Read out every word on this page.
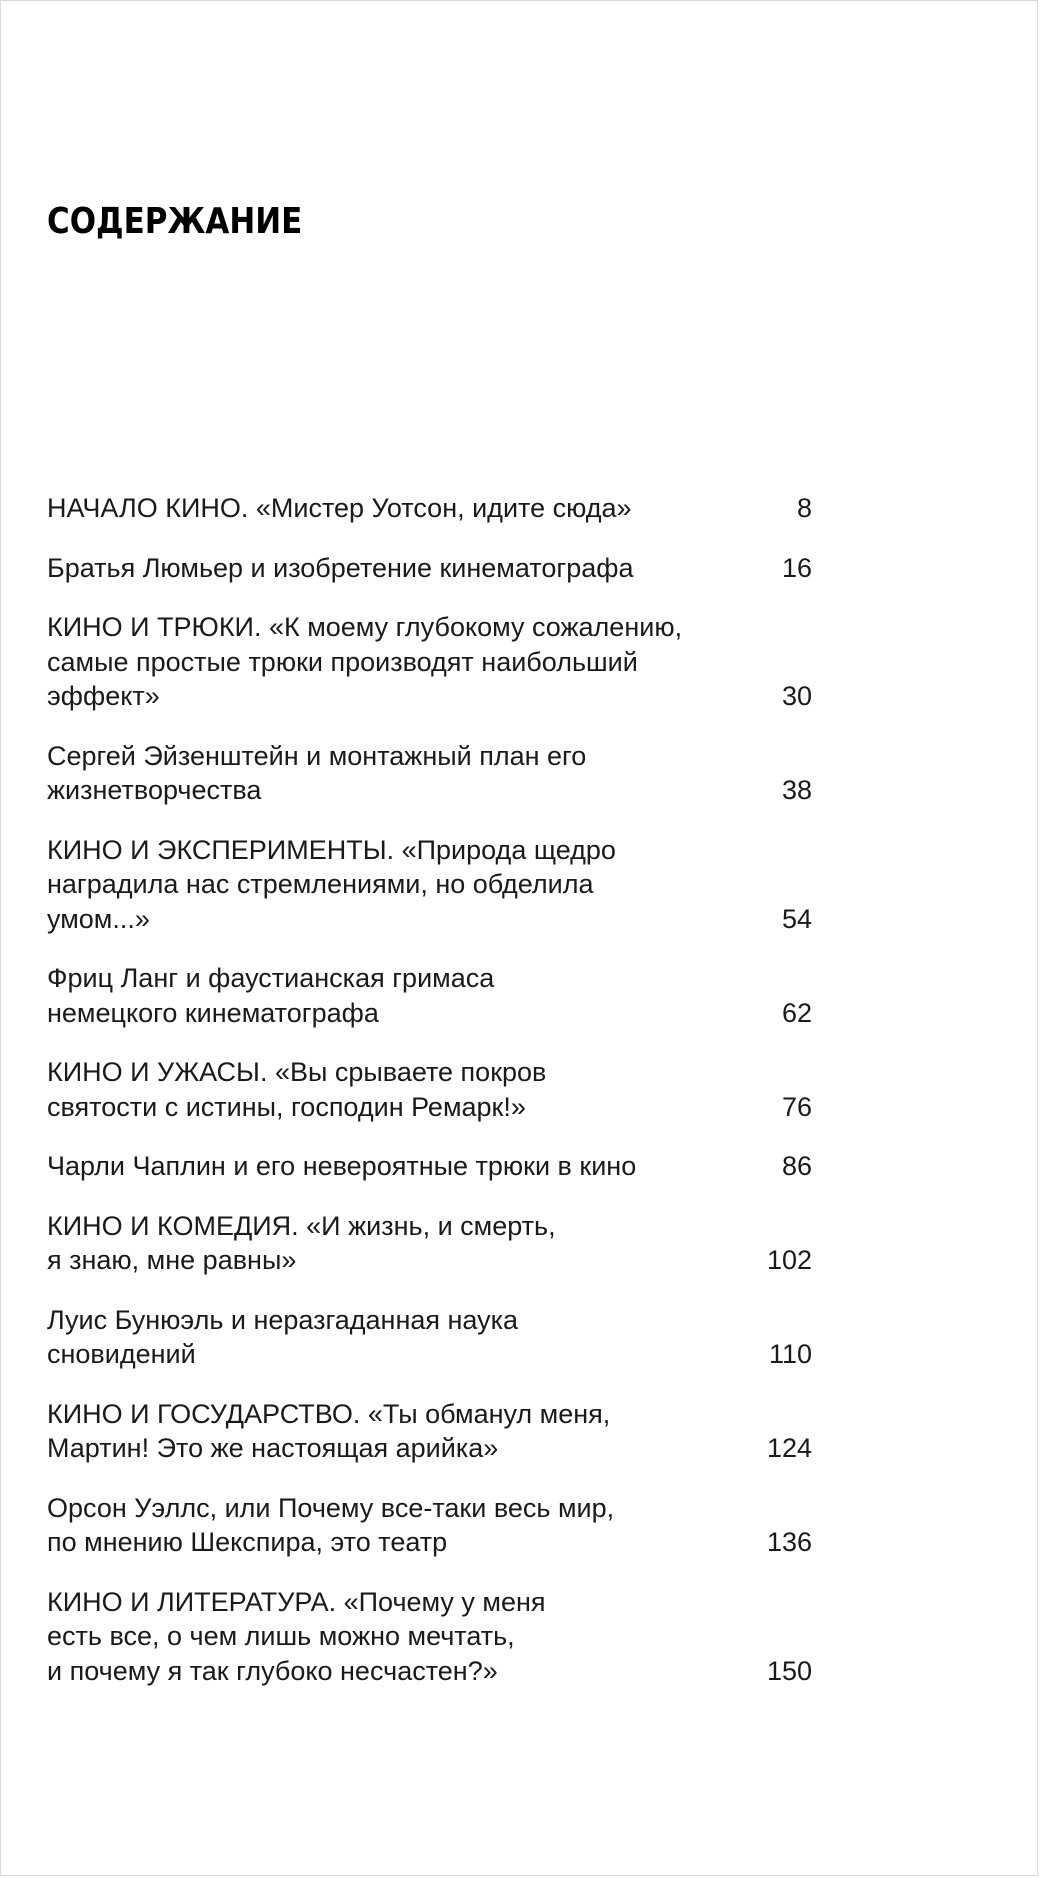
СОДЕРЖАНИЕ
НАЧАЛО КИНО. «Мистер Уотсон, идите сюда»	8
Братья Люмьер и изобретение кинематографа	16
КИНО И ТРЮКИ. «К моему глубокому сожалению,
самые простые трюки производят наибольший
эффект»	30
Сергей Эйзенштейн и монтажный план его
жизнетворчества	38
КИНО И ЭКСПЕРИМЕНТЫ. «Природа щедро
наградила нас стремлениями, но обделила
умом...»	54
Фриц Ланг и фаустианская гримаса
немецкого кинематографа	62
КИНО И УЖАСЫ. «Вы срываете покров
святости с истины, господин Ремарк!»	76
Чарли Чаплин и его невероятные трюки в кино	86
КИНО И КОМЕДИЯ. «И жизнь, и смерть,
я знаю, мне равны»	102
Луис Бунюэль и неразгаданная наука
сновидений	110
КИНО И ГОСУДАРСТВО. «Ты обманул меня,
Мартин! Это же настоящая арийка»	124
Орсон Уэллс, или Почему все-таки весь мир,
по мнению Шекспира, это театр	136
КИНО И ЛИТЕРАТУРА. «Почему у меня
есть все, о чем лишь можно мечтать,
и почему я так глубоко несчастен?»	150
